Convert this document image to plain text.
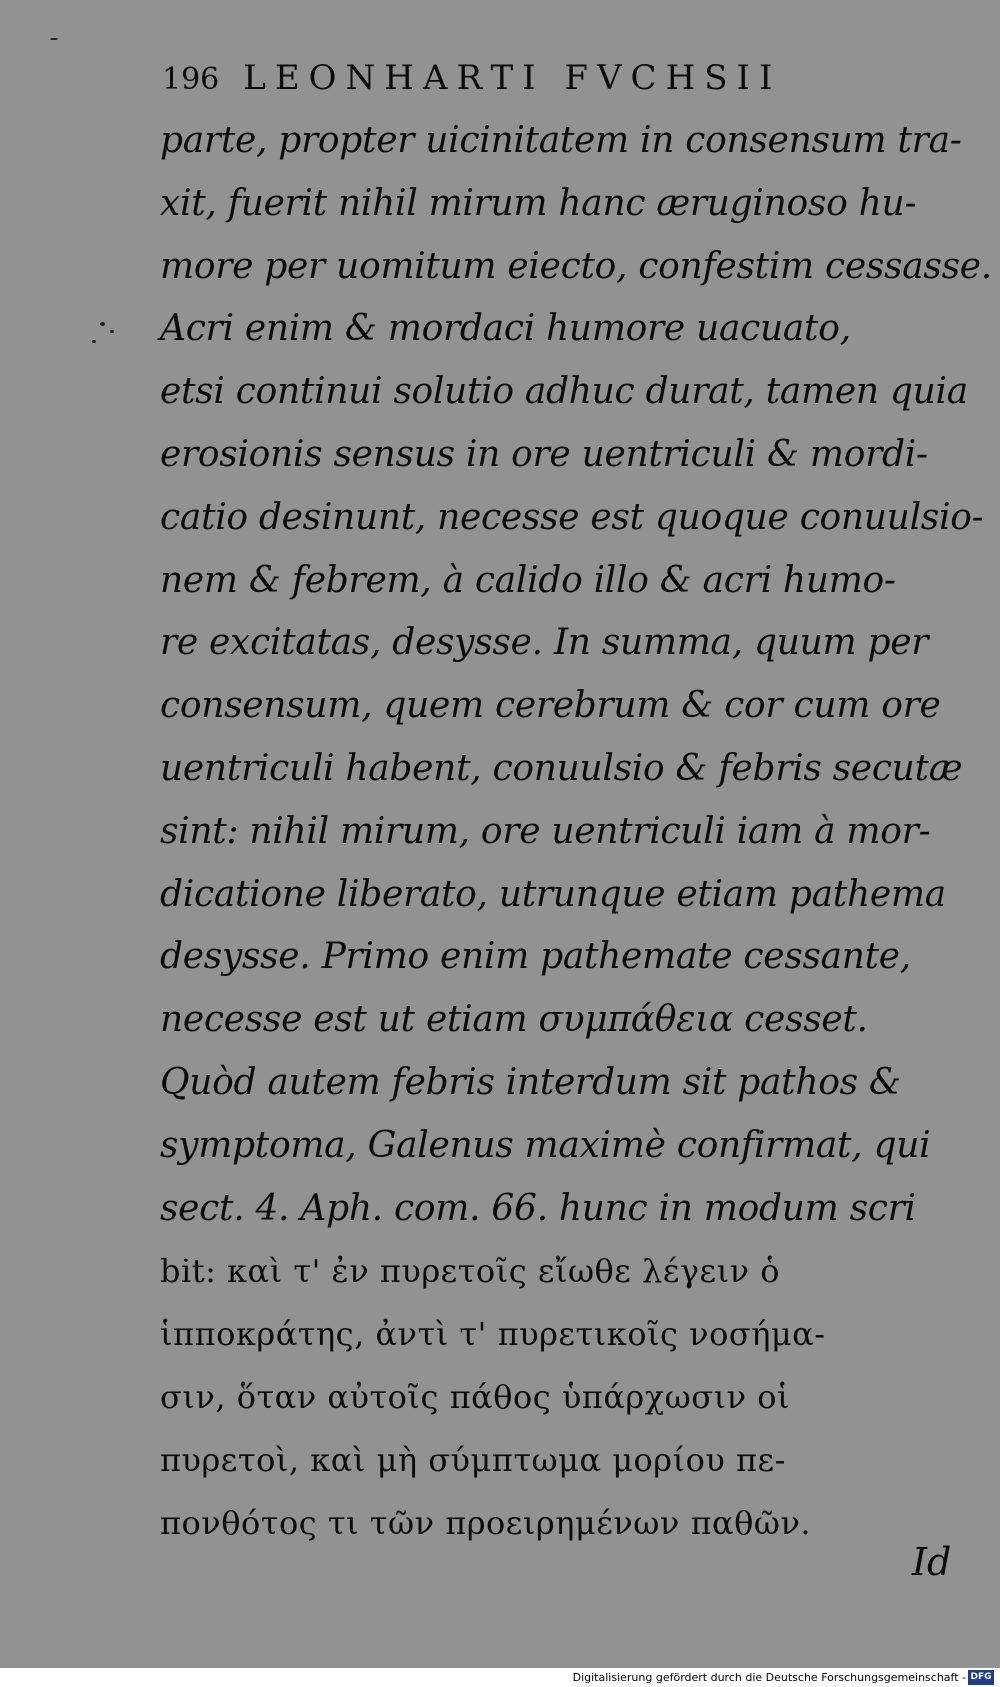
196 LEONHARTI FVCHSII
parte, propter uicinitatem in consensum tra-
xit, fuerit nihil mirum hanc æruginoso hu-
more per uomitum eiecto, confestim cessasse.
Acri enim & mordaci humore uacuato,
etsi continui solutio adhuc durat, tamen quia
erosionis sensus in ore uentriculi & mordi-
catio desinunt, necesse est quoque conuulsio-
nem & febrem, à calido illo & acri humo-
re excitatas, desysse. In summa, quum per
consensum, quem cerebrum & cor cum ore
uentriculi habent, conuulsio & febris secutæ
sint: nihil mirum, ore uentriculi iam à mor-
dicatione liberato, utrunque etiam pathema
desysse. Primo enim pathemate cessante,
necesse est ut etiam συμπάθεια cesset.
Quòd autem febris interdum sit pathos &
symptoma, Galenus maximè confirmat, qui
sect. 4. Aph. com. 66. hunc in modum scri
bit: καὶ τ' ἐν πυρετοῖς εἴωθε λέγειν ὁ
ἱπποκράτης, ἀντὶ τ' πυρετικοῖς νοσήμα-
σιν, ὅταν αὐτοῖς πάθος ὑπάρχωσιν οἱ
πυρετοὶ, καὶ μὴ σύμπτωμα μορίου πε-
πονθότος τι τῶν προειρημένων παθῶν.
Id
Digitalisierung gefördert durch die Deutsche Forschungsgemeinschaft - DFG
